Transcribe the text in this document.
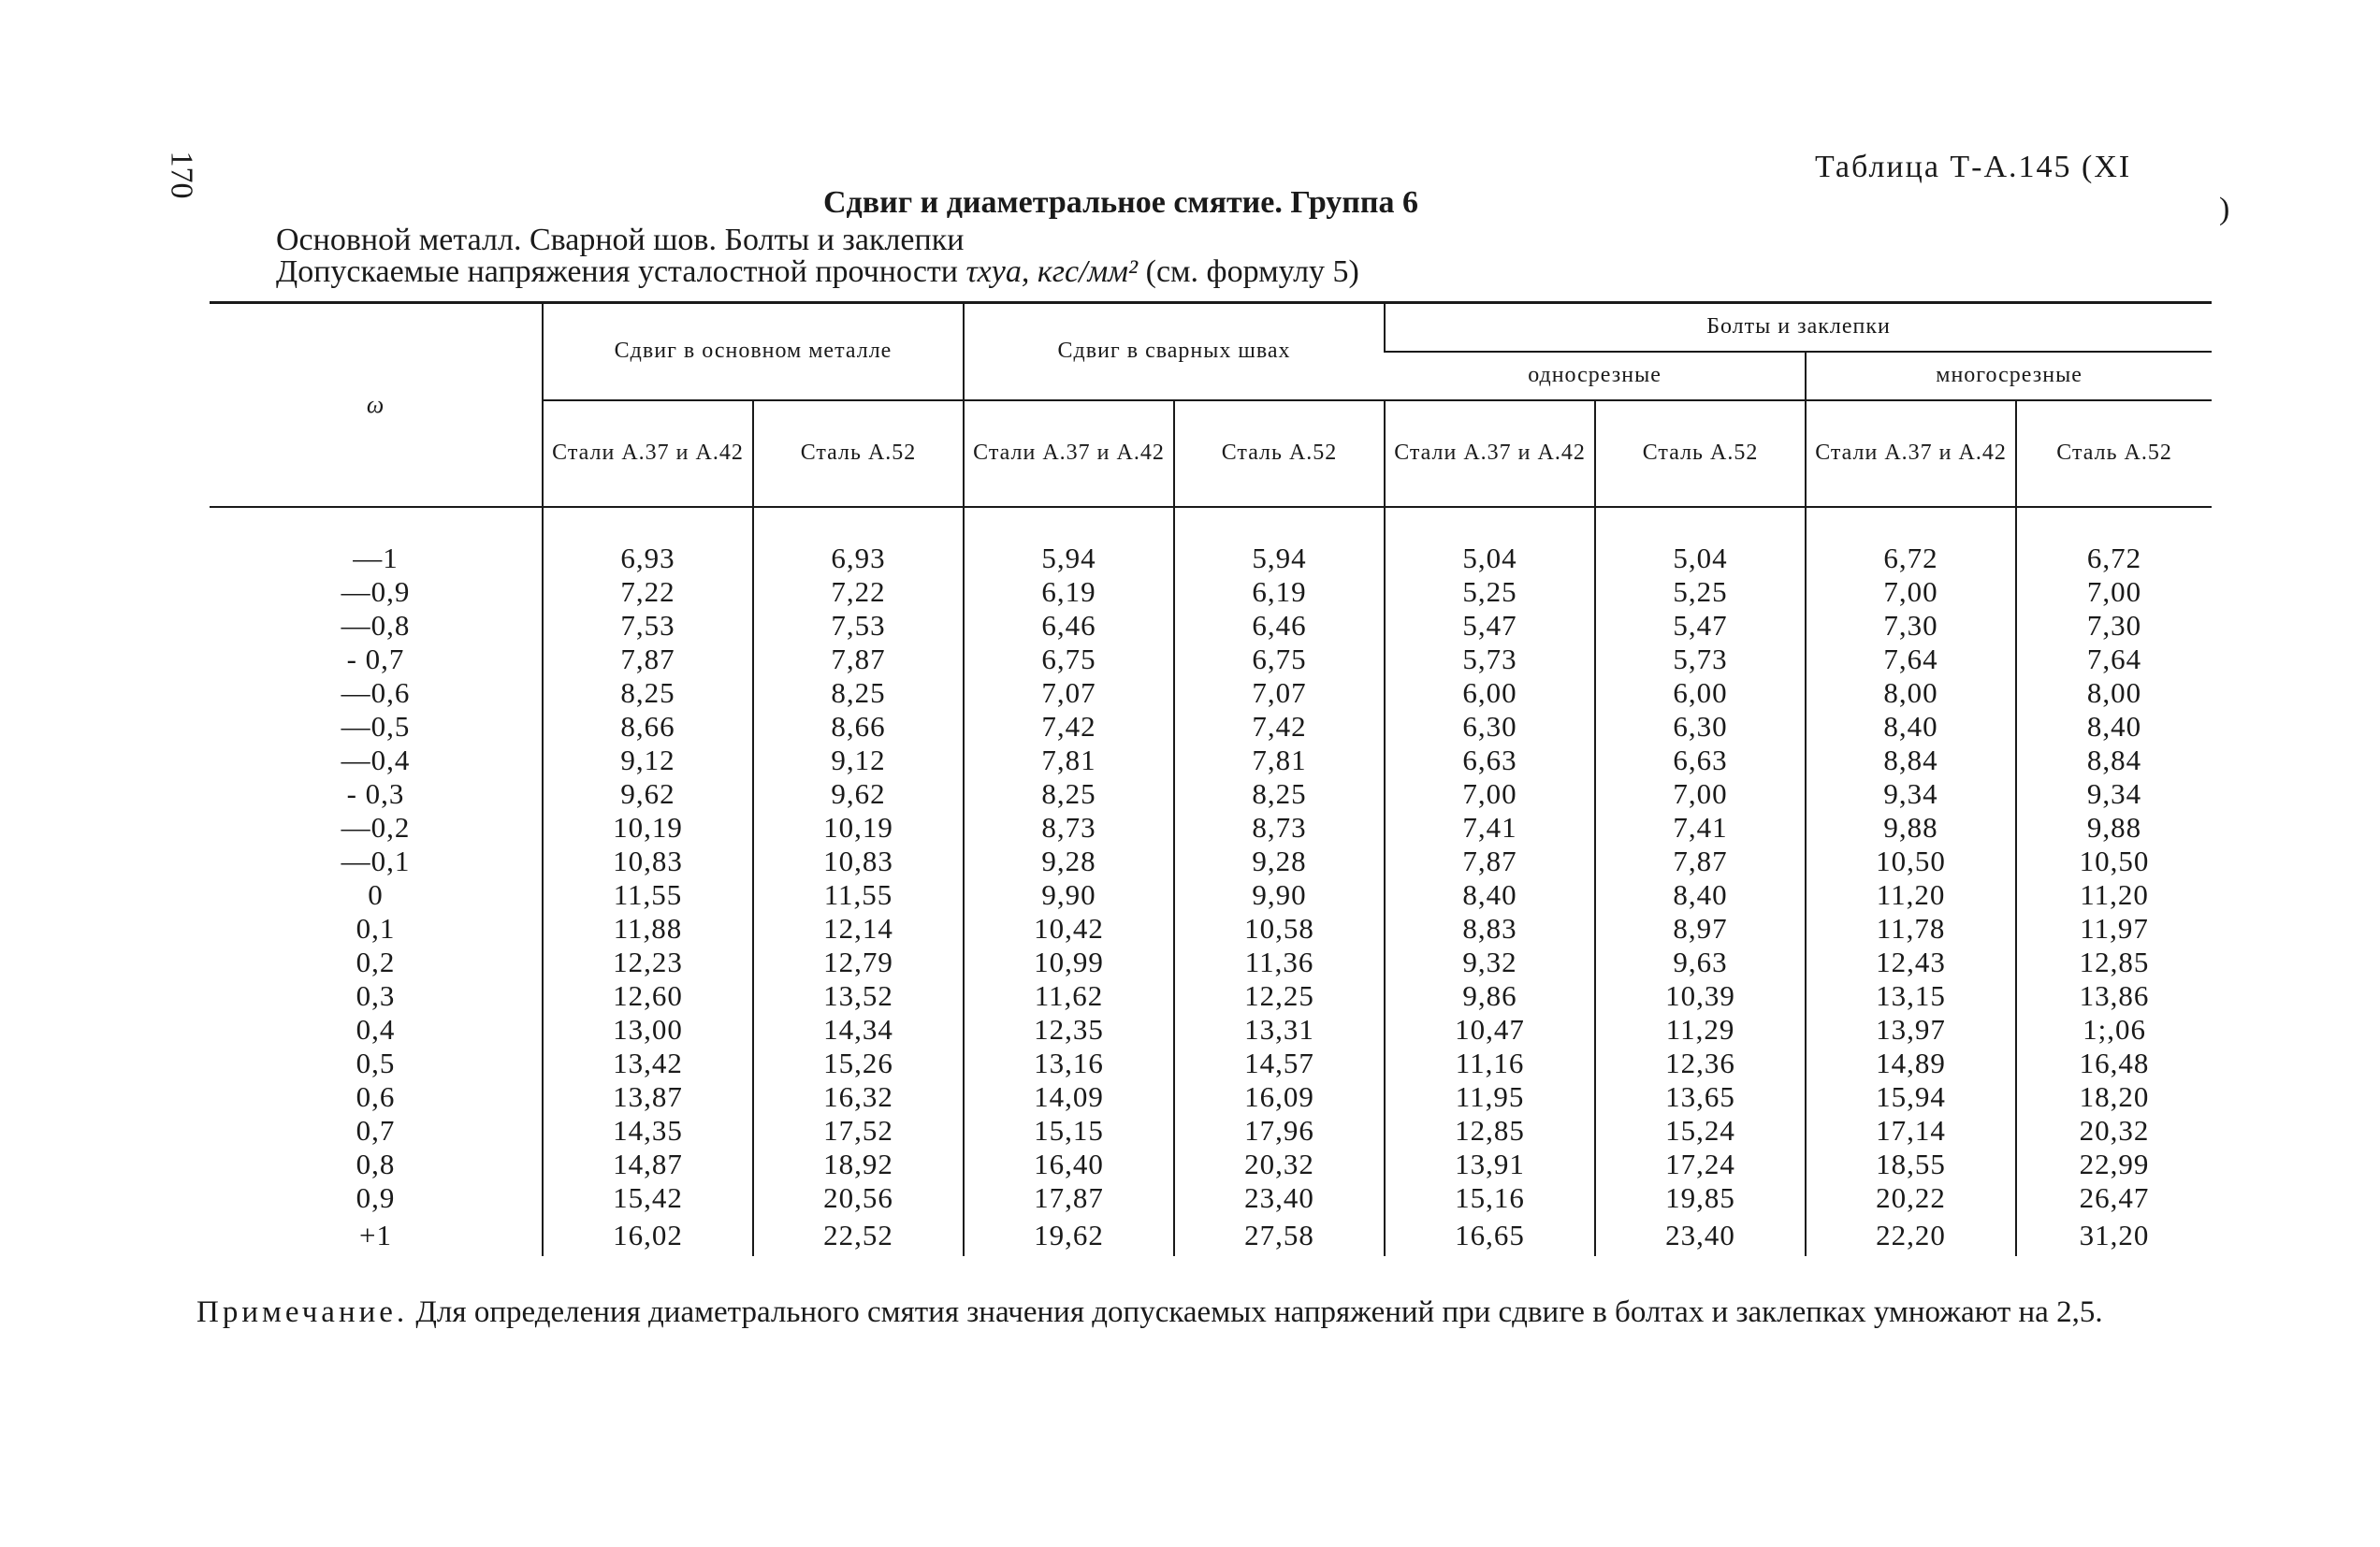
170	Таблица Т-А.145 (XI
)
Сдвиг и диаметральное смятие. Группа 6
Основной металл. Сварной шов. Болты и заклепки
Допускаемые напряжения усталостной прочности τxya, кгс/мм² (см. формулу 5)
ω	Сдвиг в основном металле		Сдвиг в сварных швах		Болты и заклепки			
					односрезные		многосрезные	
	Стали А.37 и А.42	Сталь А.52	Стали А.37 и А.42	Сталь А.52	Стали А.37 и А.42	Сталь А.52	Стали А.37 и А.42	Сталь А.52

—1	6,93	6,93	5,94	5,94	5,04	5,04	6,72	6,72
—0,9	7,22	7,22	6,19	6,19	5,25	5,25	7,00	7,00
—0,8	7,53	7,53	6,46	6,46	5,47	5,47	7,30	7,30
- 0,7	7,87	7,87	6,75	6,75	5,73	5,73	7,64	7,64
—0,6	8,25	8,25	7,07	7,07	6,00	6,00	8,00	8,00
—0,5	8,66	8,66	7,42	7,42	6,30	6,30	8,40	8,40
—0,4	9,12	9,12	7,81	7,81	6,63	6,63	8,84	8,84
- 0,3	9,62	9,62	8,25	8,25	7,00	7,00	9,34	9,34
—0,2	10,19	10,19	8,73	8,73	7,41	7,41	9,88	9,88
—0,1	10,83	10,83	9,28	9,28	7,87	7,87	10,50	10,50
0	11,55	11,55	9,90	9,90	8,40	8,40	11,20	11,20
0,1	11,88	12,14	10,42	10,58	8,83	8,97	11,78	11,97
0,2	12,23	12,79	10,99	11,36	9,32	9,63	12,43	12,85
0,3	12,60	13,52	11,62	12,25	9,86	10,39	13,15	13,86
0,4	13,00	14,34	12,35	13,31	10,47	11,29	13,97	1;,06
0,5	13,42	15,26	13,16	14,57	11,16	12,36	14,89	16,48
0,6	13,87	16,32	14,09	16,09	11,95	13,65	15,94	18,20
0,7	14,35	17,52	15,15	17,96	12,85	15,24	17,14	20,32
0,8	14,87	18,92	16,40	20,32	13,91	17,24	18,55	22,99
0,9	15,42	20,56	17,87	23,40	15,16	19,85	20,22	26,47
+1	16,02	22,52	19,62	27,58	16,65	23,40	22,20	31,20
Примечание. Для определения диаметрального смятия значения допускаемых напряжений при сдвиге в болтах и заклепках умножают на 2,5.
